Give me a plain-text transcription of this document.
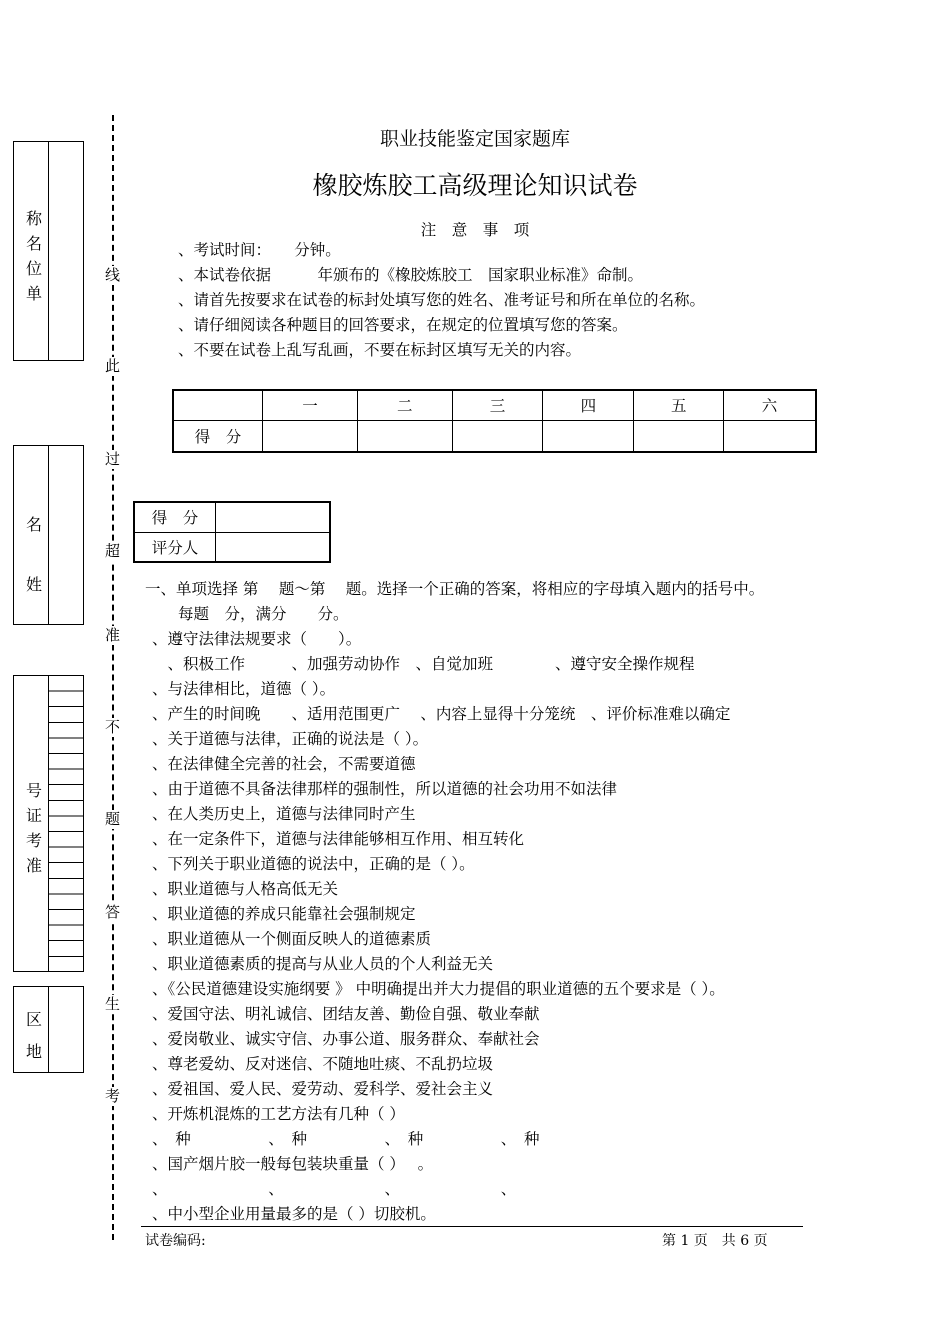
称名位单
名姓
号证考准
区地
线
此
过
超
准
不
题
答
生
考
职业技能鉴定国家题库
橡胶炼胶工高级理论知识试卷
注　意　事　项
、考试时间：　　分钟。
、本试卷依据　　　年颁布的《橡胶炼胶工　国家职业标准》命制。
、请首先按要求在试卷的标封处填写您的姓名、准考证号和所在单位的名称。
、请仔细阅读各种题目的回答要求，在规定的位置填写您的答案。
、不要在试卷上乱写乱画，不要在标封区填写无关的内容。
	一	二	三	四	五	六
得　分						
得　分	
评分人	
一、单项选择 第　 题～第　 题。选择一个正确的答案，将相应的字母填入题内的括号中。
每题　分，满分　　分。
、遵守法律法规要求（　　）。
　、积极工作　　　、加强劳动协作　、自觉加班　　　　、遵守安全操作规程
、与法律相比，道德（ ）。
、产生的时间晚　　、适用范围更广　 、内容上显得十分笼统　、评价标准难以确定
、关于道德与法律，正确的说法是（ ）。
、在法律健全完善的社会，不需要道德
、由于道德不具备法律那样的强制性，所以道德的社会功用不如法律
、在人类历史上，道德与法律同时产生
、在一定条件下，道德与法律能够相互作用、相互转化
、下列关于职业道德的说法中，正确的是（ ）。
、职业道德与人格高低无关
、职业道德的养成只能靠社会强制规定
、职业道德从一个侧面反映人的道德素质
、职业道德素质的提高与从业人员的个人利益无关
、《公民道德建设实施纲要 》 中明确提出并大力提倡的职业道德的五个要求是（ ）。
、爱国守法、明礼诚信、团结友善、勤俭自强、敬业奉献
、爱岗敬业、诚实守信、办事公道、服务群众、奉献社会
、尊老爱幼、反对迷信、不随地吐痰、不乱扔垃圾
、爱祖国、爱人民、爱劳动、爱科学、爱社会主义
、开炼机混炼的工艺方法有几种（ ）
、　种　　　　　、　种　　　　　、　种　　　　　、　种
、国产烟片胶一般每包装块重量（ ）　 。
、　　　　　　　、　　　　　　　、　　　　　　　、
、中小型企业用量最多的是（ ）切胶机。
试卷编码:	第 1 页　共 6 页
